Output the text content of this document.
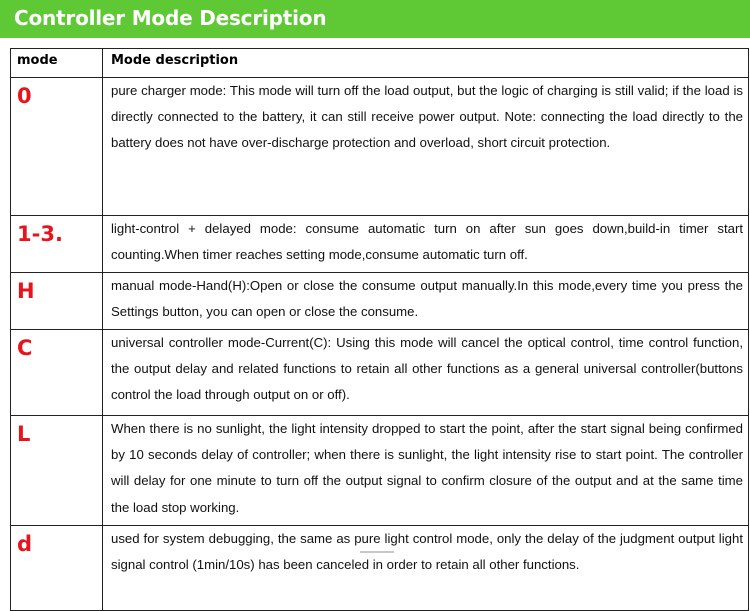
Controller Mode Description
mode	Mode description
0	pure charger mode: This mode will turn off the load output, but the logic of charging is still valid; if the load is directly connected to the battery, it can still receive power output. Note: connecting the load directly to the battery does not have over-discharge protection and overload, short circuit protection.
1-3.	light-control + delayed mode: consume automatic turn on after sun goes down,build-in timer start counting.When timer reaches setting mode,consume automatic turn off.
H	manual mode-Hand(H):Open or close the consume output manually.In this mode,every time you press the Settings button, you can open or close the consume.
C	universal controller mode-Current(C): Using this mode will cancel the optical control, time control function, the output delay and related functions to retain all other functions as a general universal controller(buttons control the load through output on or off).
L	When there is no sunlight, the light intensity dropped to start the point, after the start signal being confirmed by 10 seconds delay of controller; when there is sunlight, the light intensity rise to start point. The controller will delay for one minute to turn off the output signal to confirm closure of the output and at the same time the load stop working.
d	used for system debugging, the same as pure light control mode, only the delay of the judgment output light signal control (1min/10s) has been canceled in order to retain all other functions.
